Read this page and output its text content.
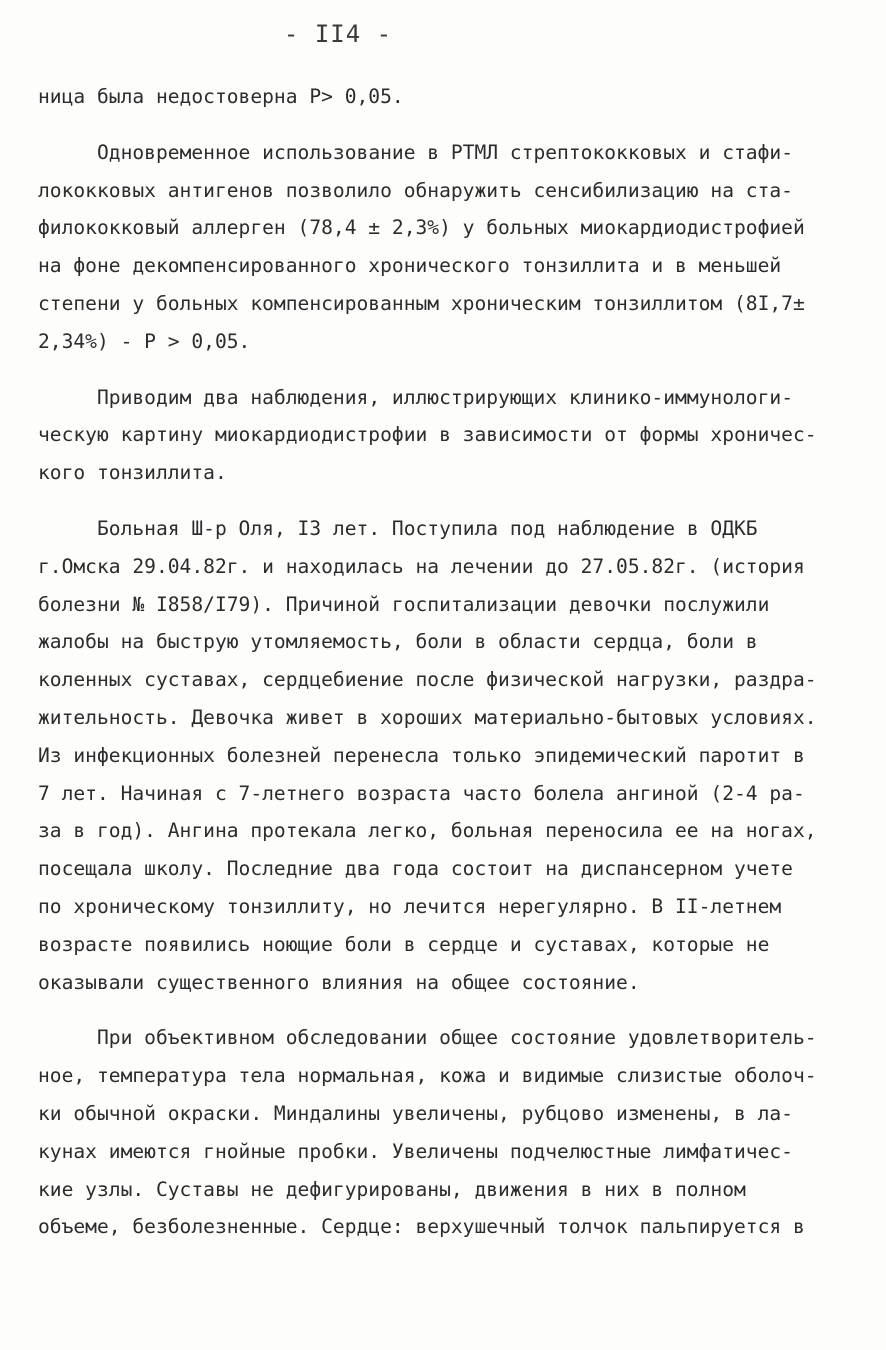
- II4 -
ница была недостоверна Р> 0,05.
Одновременное использование в РТМЛ стрептококковых и стафи-
лококковых антигенов позволило обнаружить сенсибилизацию на ста-
филококковый аллерген (78,4 ± 2,3%) у больных миокардиодистрофией
на фоне декомпенсированного хронического тонзиллита и в меньшей
степени у больных компенсированным хроническим тонзиллитом (8I,7±
2,34%) - Р > 0,05.
Приводим два наблюдения, иллюстрирующих клинико-иммунологи-
ческую картину миокардиодистрофии в зависимости от формы хроничес-
кого тонзиллита.
Больная Ш-р Оля, I3 лет. Поступила под наблюдение в ОДКБ
г.Омска 29.04.82г. и находилась на лечении до 27.05.82г. (история
болезни № I858/I79). Причиной госпитализации девочки послужили
жалобы на быструю утомляемость, боли в области сердца, боли в
коленных суставах, сердцебиение после физической нагрузки, раздра-
жительность. Девочка живет в хороших материально-бытовых условиях.
Из инфекционных болезней перенесла только эпидемический паротит в
7 лет. Начиная с 7-летнего возраста часто болела ангиной (2-4 ра-
за в год). Ангина протекала легко, больная переносила ее на ногах,
посещала школу. Последние два года состоит на диспансерном учете
по хроническому тонзиллиту, но лечится нерегулярно. В II-летнем
возрасте появились ноющие боли в сердце и суставах, которые не
оказывали существенного влияния на общее состояние.
При объективном обследовании общее состояние удовлетворитель-
ное, температура тела нормальная, кожа и видимые слизистые оболоч-
ки обычной окраски. Миндалины увеличены, рубцово изменены, в ла-
кунах имеются гнойные пробки. Увеличены подчелюстные лимфатичес-
кие узлы. Суставы не дефигурированы, движения в них в полном
объеме, безболезненные. Сердце: верхушечный толчок пальпируется в
